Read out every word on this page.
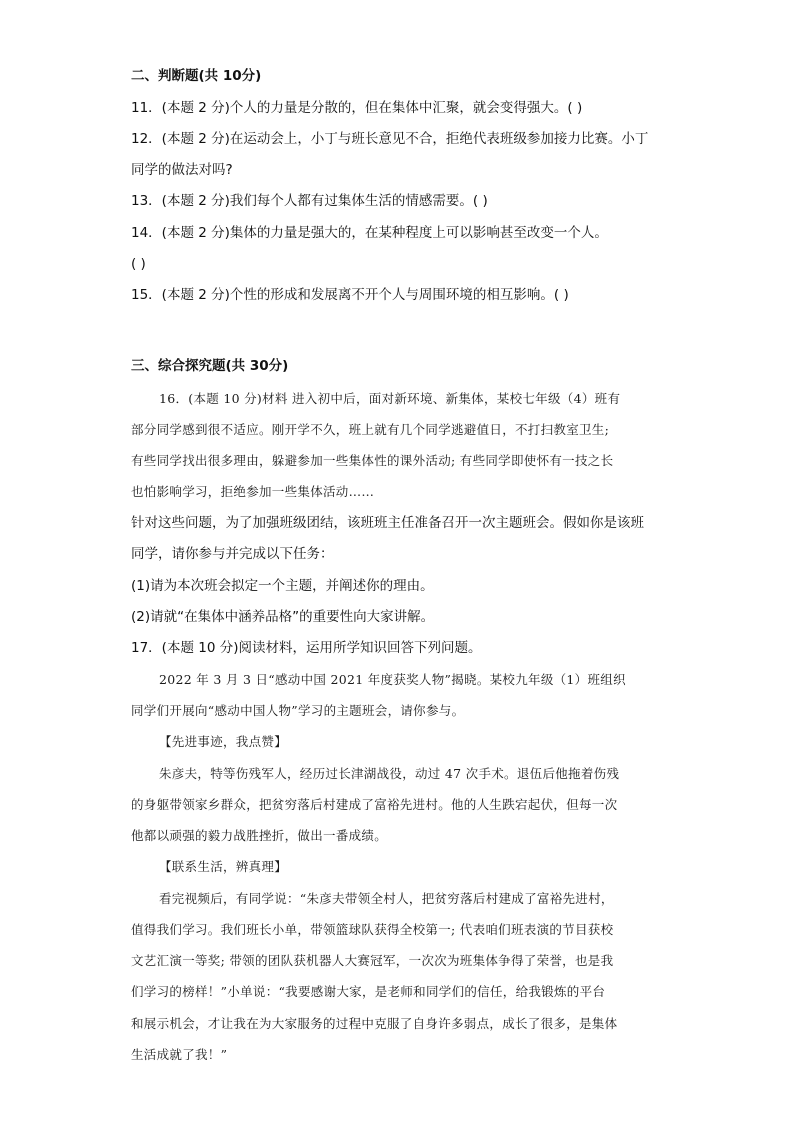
二、判断题(共 10分)
11．(本题 2 分)个人的力量是分散的，但在集体中汇聚，就会变得强大。( )
12．(本题 2 分)在运动会上，小丁与班长意见不合，拒绝代表班级参加接力比赛。小丁
同学的做法对吗?
13．(本题 2 分)我们每个人都有过集体生活的情感需要。( )
14．(本题 2 分)集体的力量是强大的，在某种程度上可以影响甚至改变一个人。
( )
15．(本题 2 分)个性的形成和发展离不开个人与周围环境的相互影响。( )
三、综合探究题(共 30分)
16．(本题 10 分)材料 进入初中后，面对新环境、新集体，某校七年级（4）班有
部分同学感到很不适应。刚开学不久，班上就有几个同学逃避值日，不打扫教室卫生;
有些同学找出很多理由，躲避参加一些集体性的课外活动; 有些同学即使怀有一技之长
也怕影响学习，拒绝参加一些集体活动……
针对这些问题，为了加强班级团结，该班班主任准备召开一次主题班会。假如你是该班
同学，请你参与并完成以下任务：
(1)请为本次班会拟定一个主题，并阐述你的理由。
(2)请就“在集体中涵养品格”的重要性向大家讲解。
17．(本题 10 分)阅读材料，运用所学知识回答下列问题。
2022 年 3 月 3 日“感动中国 2021 年度获奖人物”揭晓。某校九年级（1）班组织
同学们开展向“感动中国人物”学习的主题班会，请你参与。
【先进事迹，我点赞】
朱彦夫，特等伤残军人，经历过长津湖战役，动过 47 次手术。退伍后他拖着伤残
的身躯带领家乡群众，把贫穷落后村建成了富裕先进村。他的人生跌宕起伏，但每一次
他都以顽强的毅力战胜挫折，做出一番成绩。
【联系生活，辨真理】
看完视频后，有同学说：“朱彦夫带领全村人，把贫穷落后村建成了富裕先进村，
值得我们学习。我们班长小单，带领篮球队获得全校第一; 代表咱们班表演的节目获校
文艺汇演一等奖; 带领的团队获机器人大赛冠军，一次次为班集体争得了荣誉，也是我
们学习的榜样！”小单说：“我要感谢大家，是老师和同学们的信任，给我锻炼的平台
和展示机会，才让我在为大家服务的过程中克服了自身许多弱点，成长了很多，是集体
生活成就了我！”
